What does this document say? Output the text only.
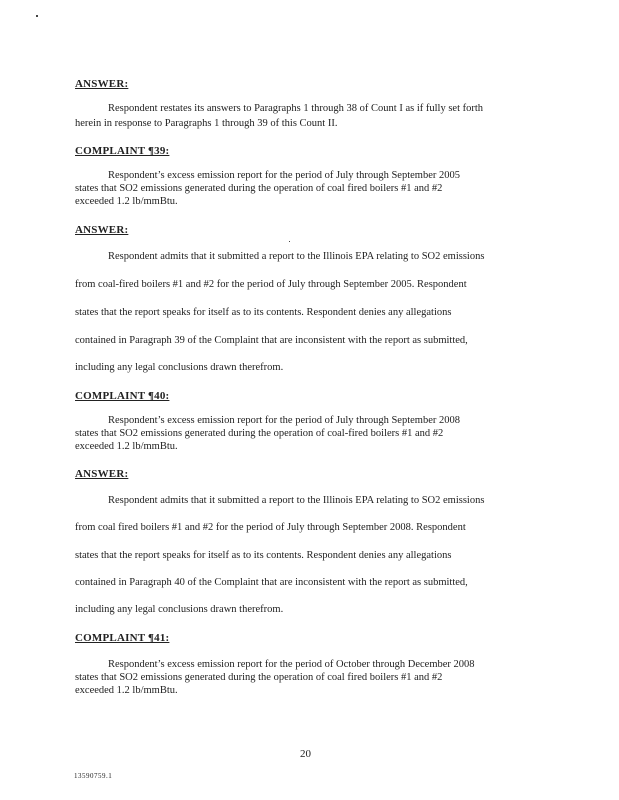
ANSWER:
Respondent restates its answers to Paragraphs 1 through 38 of Count I as if fully set forth
herein in response to Paragraphs 1 through 39 of this Count II.
COMPLAINT ¶39:
Respondent’s excess emission report for the period of July through September 2005
states that SO2 emissions generated during the operation of coal fired boilers #1 and #2
exceeded 1.2 lb/mmBtu.
ANSWER:
Respondent admits that it submitted a report to the Illinois EPA relating to SO2 emissions
from coal-fired boilers #1 and #2 for the period of July through September 2005. Respondent
states that the report speaks for itself as to its contents. Respondent denies any allegations
contained in Paragraph 39 of the Complaint that are inconsistent with the report as submitted,
including any legal conclusions drawn therefrom.
COMPLAINT ¶40:
Respondent’s excess emission report for the period of July through September 2008
states that SO2 emissions generated during the operation of coal-fired boilers #1 and #2
exceeded 1.2 lb/mmBtu.
ANSWER:
Respondent admits that it submitted a report to the Illinois EPA relating to SO2 emissions
from coal fired boilers #1 and #2 for the period of July through September 2008. Respondent
states that the report speaks for itself as to its contents. Respondent denies any allegations
contained in Paragraph 40 of the Complaint that are inconsistent with the report as submitted,
including any legal conclusions drawn therefrom.
COMPLAINT ¶41:
Respondent’s excess emission report for the period of October through December 2008
states that SO2 emissions generated during the operation of coal fired boilers #1 and #2
exceeded 1.2 lb/mmBtu.
20
13590759.1
